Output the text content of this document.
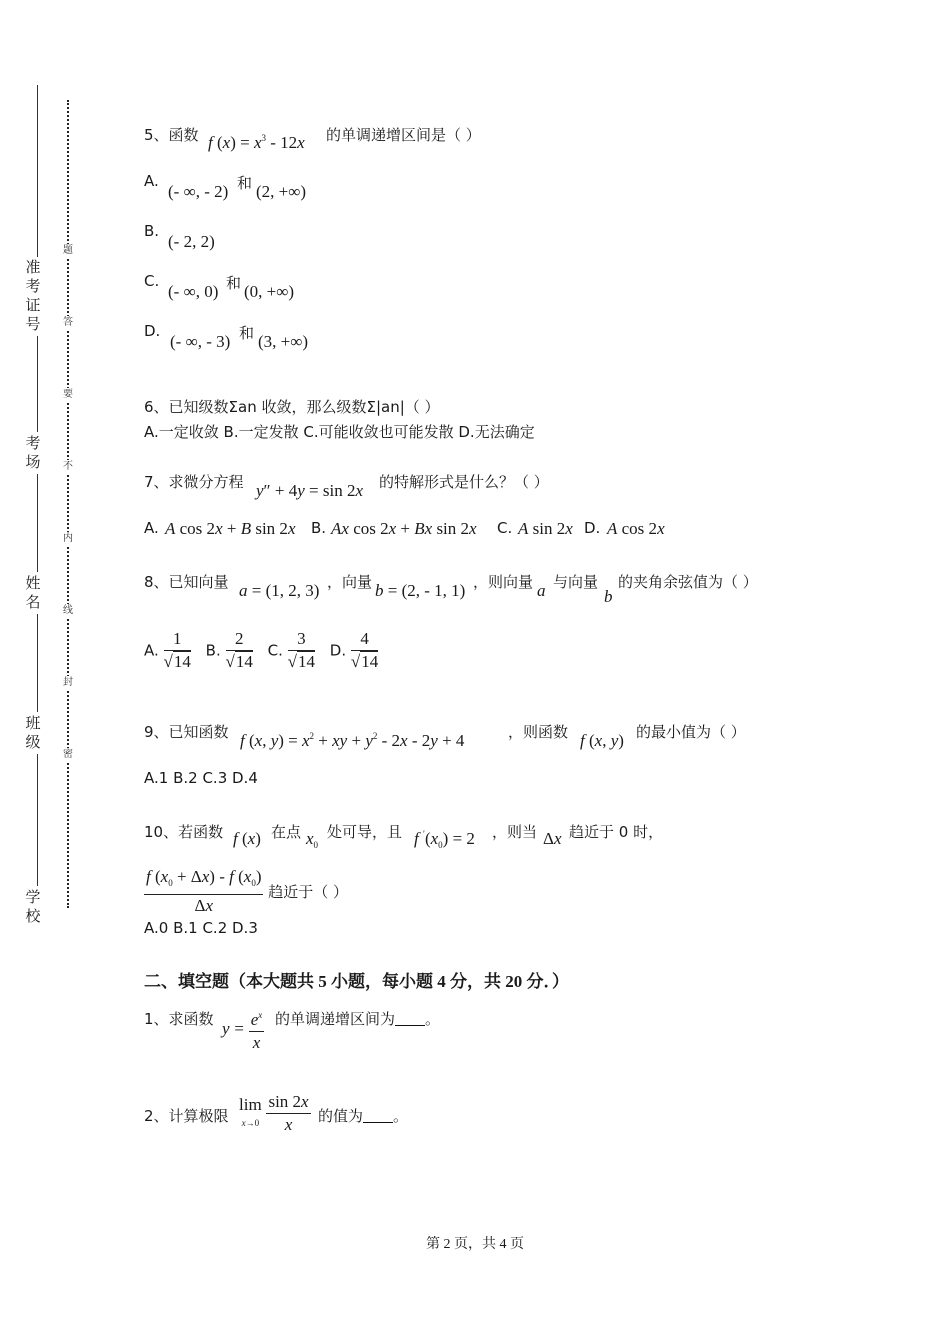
准考证号
考场
姓名
班级
学校
题
答
要
不
内
线
封
密
5、函数 f $(x) = x^3 - 12x$ 的单调递增区间是（ ）
A.
(- ∞, - 2) 和 (2, +∞)
B.
(- 2, 2)
C.
(- ∞, 0) 和 (0, +∞)
D.
(- ∞, - 3) 和 (3, +∞)
6、已知级数Σan 收敛，那么级数Σ|an|（ ）
A.一定收敛 B.一定发散 C.可能收敛也可能发散 D.无法确定
7、求微分方程 y″ + 4y = sin 2x 的特解形式是什么？（ ）
A. A cos 2x + B sin 2x B. Ax cos 2x + Bx sin 2x C. A sin 2x D. A cos 2x
8、已知向量 a = (1, 2, 3) ，向量 b = (2, - 1, 1) ，则向量 a 与向量
b
的夹角余弦值为（ ）
A. $\frac{1}{√14} B$. $\frac{2}{√14} C$. $\frac{3}{√14} D$. $\frac{4}{√14}$
9、已知函数 f (x, $y) = x^2$ + xy + $y^2 - 2x - 2y + 4$	，则函数 f (x, y) 的最小值为（ ）
A.1 B.2 C.3 D.4
10、若函数 f (x) 在点 $x_0$
处可导，且 f $'(x_0) = 2$ ，则当 Δx 趋近于 0 时，
$\frac{f (x_0 + \Delta x) - f (x_0)}{\Delta x}$ 趋近于（ ）
A.0 B.1 C.2 D.3
二、填空题（本大题共 5 小题，每小题 4 分，共 20 分．）
1、求函数 $y = \frac{e^x}{x}$ 的单调递增区间为 。
2、计算极限
lim
$x\to 0 \frac{\sin 2x}{x}$ 的值为 。
第 2 页，共 4 页
